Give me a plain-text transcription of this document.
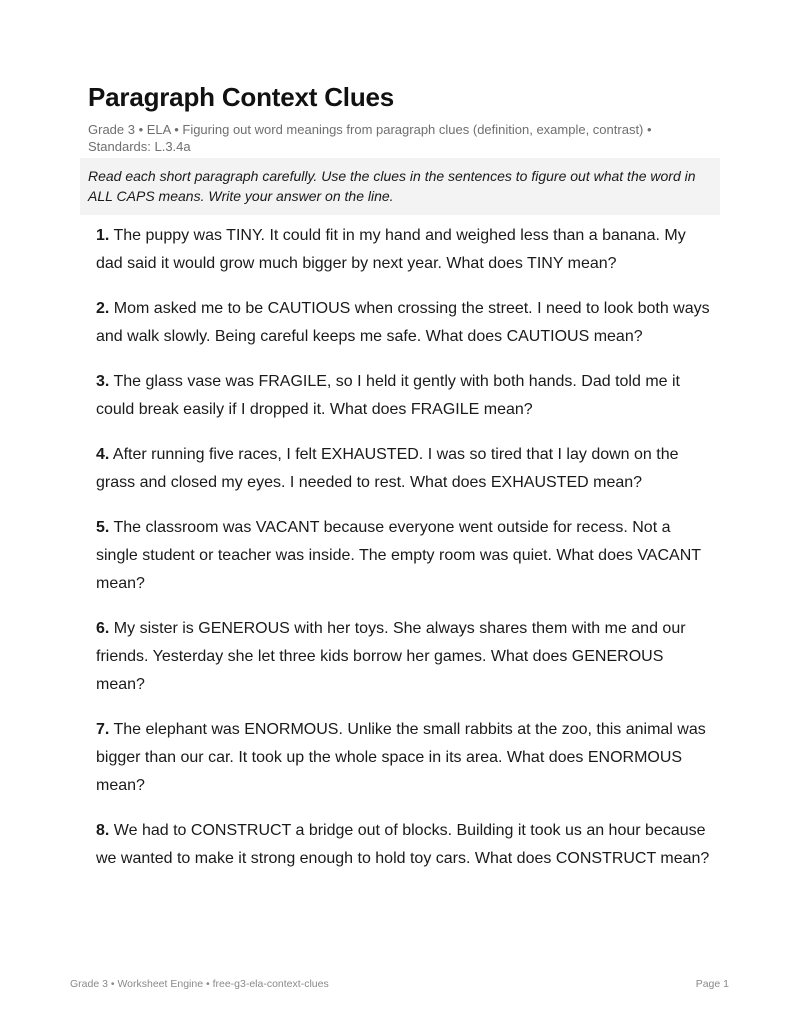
Paragraph Context Clues
Grade 3 • ELA • Figuring out word meanings from paragraph clues (definition, example, contrast) • Standards: L.3.4a
Read each short paragraph carefully. Use the clues in the sentences to figure out what the word in ALL CAPS means. Write your answer on the line.
1. The puppy was TINY. It could fit in my hand and weighed less than a banana. My dad said it would grow much bigger by next year. What does TINY mean?
2. Mom asked me to be CAUTIOUS when crossing the street. I need to look both ways and walk slowly. Being careful keeps me safe. What does CAUTIOUS mean?
3. The glass vase was FRAGILE, so I held it gently with both hands. Dad told me it could break easily if I dropped it. What does FRAGILE mean?
4. After running five races, I felt EXHAUSTED. I was so tired that I lay down on the grass and closed my eyes. I needed to rest. What does EXHAUSTED mean?
5. The classroom was VACANT because everyone went outside for recess. Not a single student or teacher was inside. The empty room was quiet. What does VACANT mean?
6. My sister is GENEROUS with her toys. She always shares them with me and our friends. Yesterday she let three kids borrow her games. What does GENEROUS mean?
7. The elephant was ENORMOUS. Unlike the small rabbits at the zoo, this animal was bigger than our car. It took up the whole space in its area. What does ENORMOUS mean?
8. We had to CONSTRUCT a bridge out of blocks. Building it took us an hour because we wanted to make it strong enough to hold toy cars. What does CONSTRUCT mean?
Grade 3 • Worksheet Engine • free-g3-ela-context-clues	Page 1
